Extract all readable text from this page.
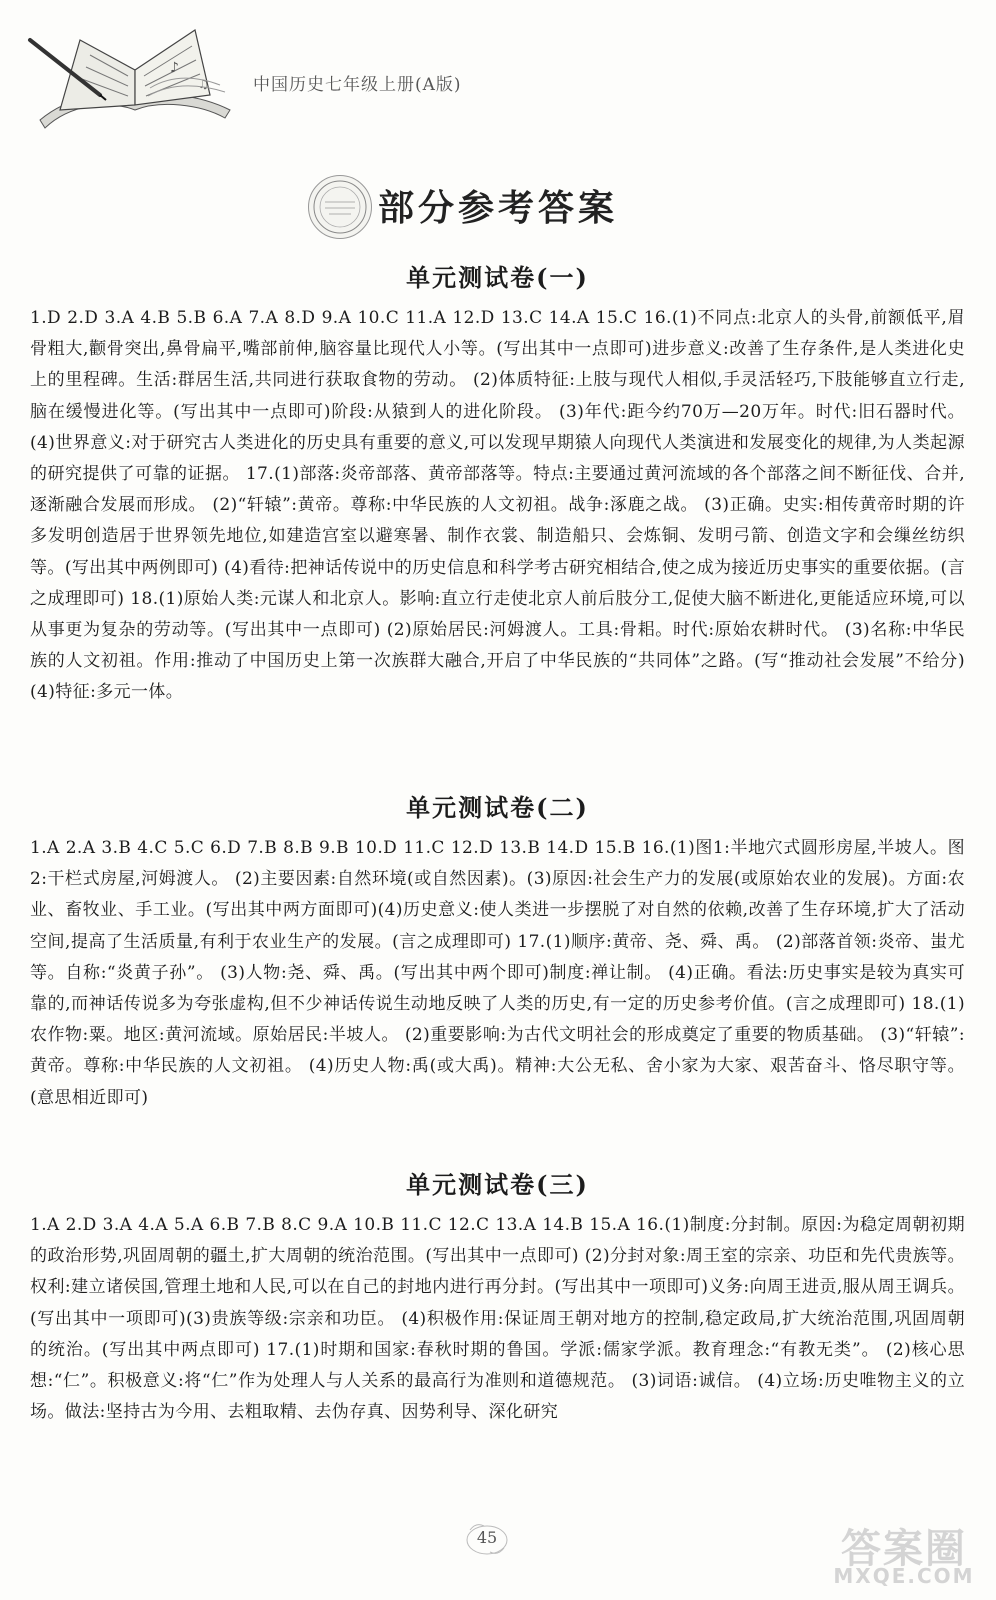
♪
♫	中国历史七年级上册(A版)
部分参考答案
单元测试卷(一)
1.D 2.D 3.A 4.B 5.B 6.A 7.A 8.D 9.A 10.C 11.A 12.D 13.C 14.A 15.C 16.(1)不同点:北京人的头骨,前额低平,眉骨粗大,颧骨突出,鼻骨扁平,嘴部前伸,脑容量比现代人小等。(写出其中一点即可)进步意义:改善了生存条件,是人类进化史上的里程碑。生活:群居生活,共同进行获取食物的劳动。 (2)体质特征:上肢与现代人相似,手灵活轻巧,下肢能够直立行走,脑在缓慢进化等。(写出其中一点即可)阶段:从猿到人的进化阶段。 (3)年代:距今约70万—20万年。时代:旧石器时代。 (4)世界意义:对于研究古人类进化的历史具有重要的意义,可以发现早期猿人向现代人类演进和发展变化的规律,为人类起源的研究提供了可靠的证据。 17.(1)部落:炎帝部落、黄帝部落等。特点:主要通过黄河流域的各个部落之间不断征伐、合并,逐渐融合发展而形成。 (2)“轩辕”:黄帝。尊称:中华民族的人文初祖。战争:涿鹿之战。 (3)正确。史实:相传黄帝时期的许多发明创造居于世界领先地位,如建造宫室以避寒暑、制作衣裳、制造船只、会炼铜、发明弓箭、创造文字和会缫丝纺织等。(写出其中两例即可) (4)看待:把神话传说中的历史信息和科学考古研究相结合,使之成为接近历史事实的重要依据。(言之成理即可) 18.(1)原始人类:元谋人和北京人。影响:直立行走使北京人前后肢分工,促使大脑不断进化,更能适应环境,可以从事更为复杂的劳动等。(写出其中一点即可) (2)原始居民:河姆渡人。工具:骨耜。时代:原始农耕时代。 (3)名称:中华民族的人文初祖。作用:推动了中国历史上第一次族群大融合,开启了中华民族的“共同体”之路。(写“推动社会发展”不给分) (4)特征:多元一体。
单元测试卷(二)
1.A 2.A 3.B 4.C 5.C 6.D 7.B 8.B 9.B 10.D 11.C 12.D 13.B 14.D 15.B 16.(1)图1:半地穴式圆形房屋,半坡人。图2:干栏式房屋,河姆渡人。 (2)主要因素:自然环境(或自然因素)。(3)原因:社会生产力的发展(或原始农业的发展)。方面:农业、畜牧业、手工业。(写出其中两方面即可)(4)历史意义:使人类进一步摆脱了对自然的依赖,改善了生存环境,扩大了活动空间,提高了生活质量,有利于农业生产的发展。(言之成理即可) 17.(1)顺序:黄帝、尧、舜、禹。 (2)部落首领:炎帝、蚩尤等。自称:“炎黄子孙”。 (3)人物:尧、舜、禹。(写出其中两个即可)制度:禅让制。 (4)正确。看法:历史事实是较为真实可靠的,而神话传说多为夸张虚构,但不少神话传说生动地反映了人类的历史,有一定的历史参考价值。(言之成理即可) 18.(1)农作物:粟。地区:黄河流域。原始居民:半坡人。 (2)重要影响:为古代文明社会的形成奠定了重要的物质基础。 (3)“轩辕”:黄帝。尊称:中华民族的人文初祖。 (4)历史人物:禹(或大禹)。精神:大公无私、舍小家为大家、艰苦奋斗、恪尽职守等。(意思相近即可)
单元测试卷(三)
1.A 2.D 3.A 4.A 5.A 6.B 7.B 8.C 9.A 10.B 11.C 12.C 13.A 14.B 15.A 16.(1)制度:分封制。原因:为稳定周朝初期的政治形势,巩固周朝的疆土,扩大周朝的统治范围。(写出其中一点即可) (2)分封对象:周王室的宗亲、功臣和先代贵族等。权利:建立诸侯国,管理土地和人民,可以在自己的封地内进行再分封。(写出其中一项即可)义务:向周王进贡,服从周王调兵。(写出其中一项即可)(3)贵族等级:宗亲和功臣。 (4)积极作用:保证周王朝对地方的控制,稳定政局,扩大统治范围,巩固周朝的统治。(写出其中两点即可) 17.(1)时期和国家:春秋时期的鲁国。学派:儒家学派。教育理念:“有教无类”。 (2)核心思想:“仁”。积极意义:将“仁”作为处理人与人关系的最高行为准则和道德规范。 (3)词语:诚信。 (4)立场:历史唯物主义的立场。做法:坚持古为今用、去粗取精、去伪存真、因势利导、深化研究
45	答案圈
MXQE.COM
